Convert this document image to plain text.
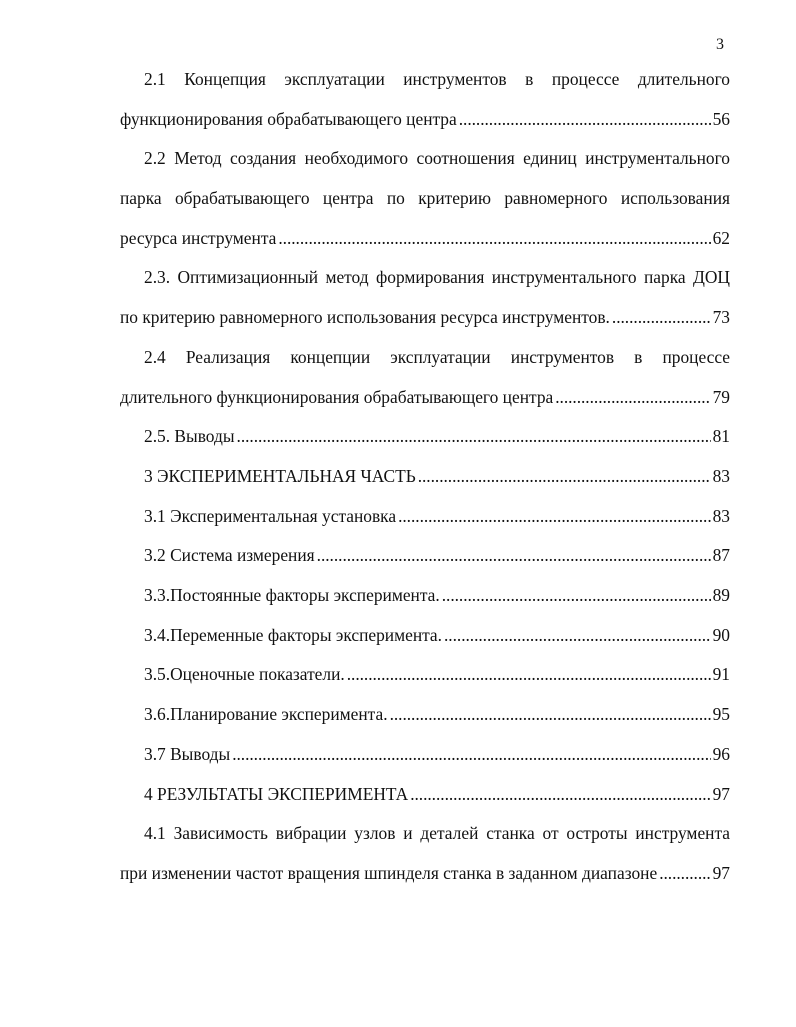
3
2.1 Концепция эксплуатации инструментов в процессе длительного
функционирования обрабатывающего центра . . .	56
2.2 Метод создания необходимого соотношения единиц инструментального
парка обрабатывающего центра по критерию равномерного использования
ресурса инструмента . . .	62
2.3. Оптимизационный метод формирования инструментального парка ДОЦ
по критерию равномерного использования ресурса инструментов. . . .	73
2.4 Реализация концепции эксплуатации инструментов в процессе
длительного функционирования обрабатывающего центра . . .	79
2.5. Выводы . . .	81
3 ЭКСПЕРИМЕНТАЛЬНАЯ ЧАСТЬ . . .	83
3.1 Экспериментальная установка . . .	83
3.2 Система измерения . . .	87
3.3.Постоянные факторы эксперимента. . . .	89
3.4.Переменные факторы эксперимента. . . .	90
3.5.Оценочные показатели. . . .	91
3.6.Планирование эксперимента. . . .	95
3.7 Выводы . . .	96
4 РЕЗУЛЬТАТЫ ЭКСПЕРИМЕНТА . . .	97
4.1 Зависимость вибрации узлов и деталей станка от остроты инструмента
при изменении частот вращения шпинделя станка в заданном диапазоне . . .	97
